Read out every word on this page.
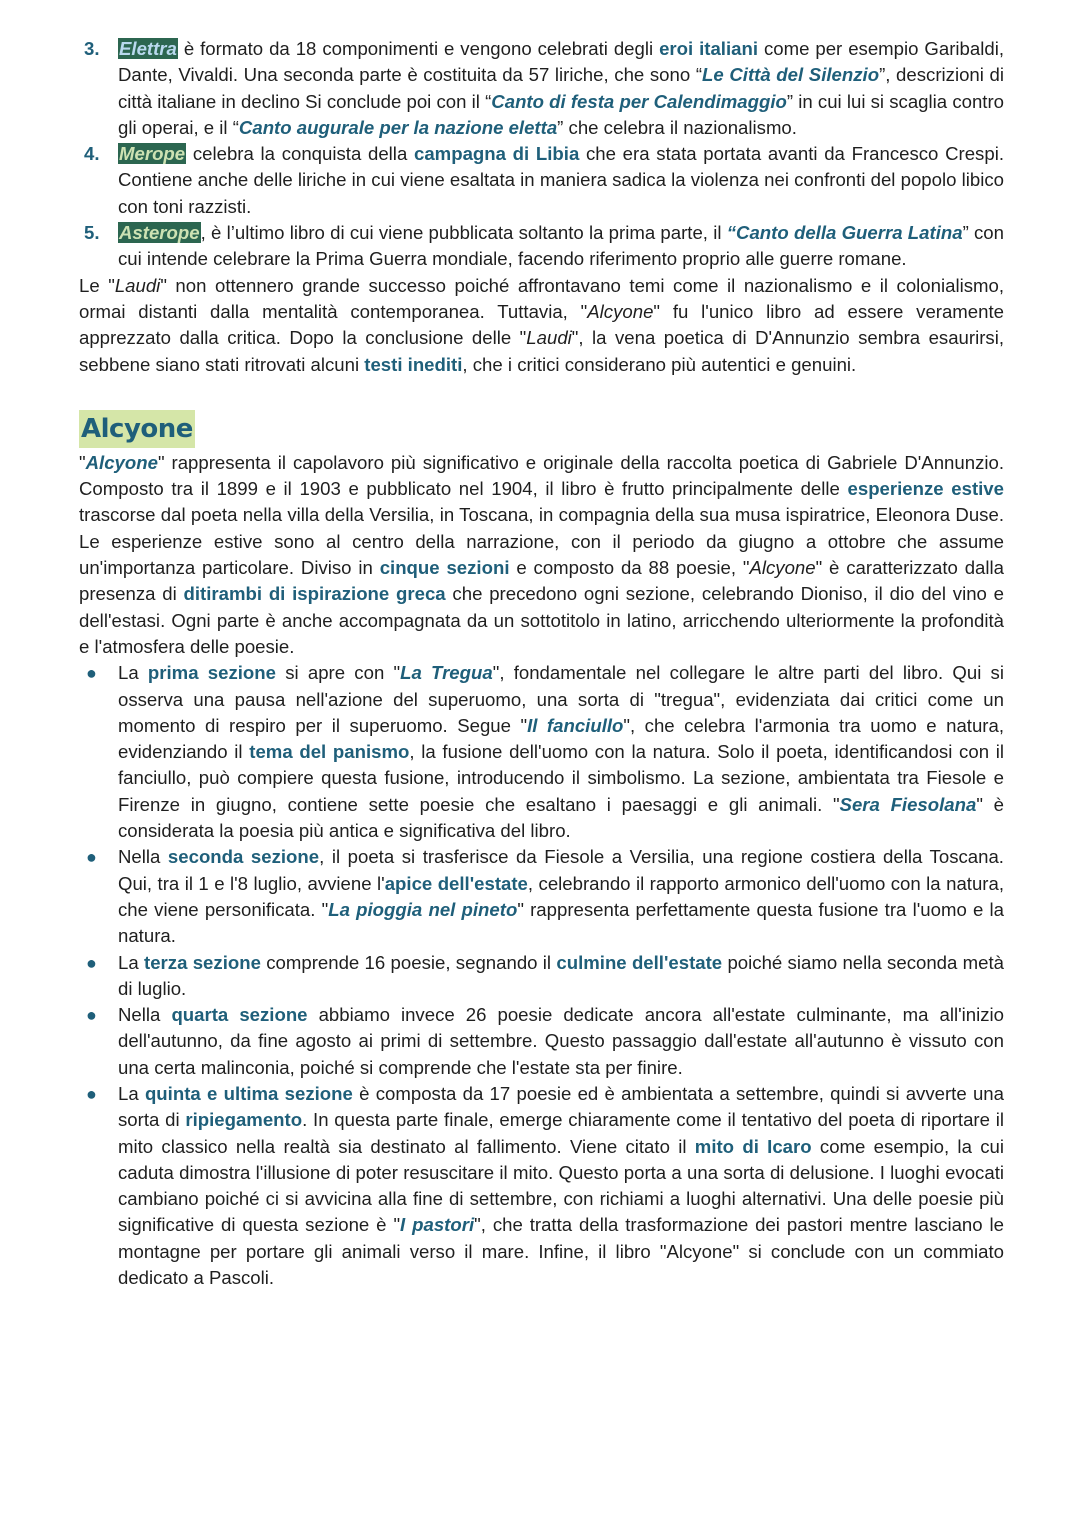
3. Elettra è formato da 18 componimenti e vengono celebrati degli eroi italiani come per esempio Garibaldi, Dante, Vivaldi. Una seconda parte è costituita da 57 liriche, che sono “Le Città del Silenzio”, descrizioni di città italiane in declino Si conclude poi con il “Canto di festa per Calendimaggio” in cui lui si scaglia contro gli operai, e il “Canto augurale per la nazione eletta” che celebra il nazionalismo.
4. Merope celebra la conquista della campagna di Libia che era stata portata avanti da Francesco Crespi. Contiene anche delle liriche in cui viene esaltata in maniera sadica la violenza nei confronti del popolo libico con toni razzisti.
5. Asterope, è l’ultimo libro di cui viene pubblicata soltanto la prima parte, il “Canto della Guerra Latina” con cui intende celebrare la Prima Guerra mondiale, facendo riferimento proprio alle guerre romane.

Le "Laudi" non ottennero grande successo poiché affrontavano temi come il nazionalismo e il colonialismo, ormai distanti dalla mentalità contemporanea. Tuttavia, "Alcyone" fu l'unico libro ad essere veramente apprezzato dalla critica. Dopo la conclusione delle "Laudi", la vena poetica di D'Annunzio sembra esaurirsi, sebbene siano stati ritrovati alcuni testi inediti, che i critici considerano più autentici e genuini.

Alcyone

"Alcyone" rappresenta il capolavoro più significativo e originale della raccolta poetica di Gabriele D'Annunzio. Composto tra il 1899 e il 1903 e pubblicato nel 1904, il libro è frutto principalmente delle esperienze estive trascorse dal poeta nella villa della Versilia, in Toscana, in compagnia della sua musa ispiratrice, Eleonora Duse. Le esperienze estive sono al centro della narrazione, con il periodo da giugno a ottobre che assume un'importanza particolare. Diviso in cinque sezioni e composto da 88 poesie, "Alcyone" è caratterizzato dalla presenza di ditirambi di ispirazione greca che precedono ogni sezione, celebrando Dioniso, il dio del vino e dell'estasi. Ogni parte è anche accompagnata da un sottotitolo in latino, arricchendo ulteriormente la profondità e l'atmosfera delle poesie.

● La prima sezione si apre con "La Tregua", fondamentale nel collegare le altre parti del libro. Qui si osserva una pausa nell'azione del superuomo, una sorta di "tregua", evidenziata dai critici come un momento di respiro per il superuomo. Segue "Il fanciullo", che celebra l'armonia tra uomo e natura, evidenziando il tema del panismo, la fusione dell'uomo con la natura. Solo il poeta, identificandosi con il fanciullo, può compiere questa fusione, introducendo il simbolismo. La sezione, ambientata tra Fiesole e Firenze in giugno, contiene sette poesie che esaltano i paesaggi e gli animali. "Sera Fiesolana" è considerata la poesia più antica e significativa del libro.
● Nella seconda sezione, il poeta si trasferisce da Fiesole a Versilia, una regione costiera della Toscana. Qui, tra il 1 e l'8 luglio, avviene l'apice dell'estate, celebrando il rapporto armonico dell'uomo con la natura, che viene personificata. "La pioggia nel pineto" rappresenta perfettamente questa fusione tra l'uomo e la natura.
● La terza sezione comprende 16 poesie, segnando il culmine dell'estate poiché siamo nella seconda metà di luglio.
● Nella quarta sezione abbiamo invece 26 poesie dedicate ancora all'estate culminante, ma all'inizio dell'autunno, da fine agosto ai primi di settembre. Questo passaggio dall'estate all'autunno è vissuto con una certa malinconia, poiché si comprende che l'estate sta per finire.
● La quinta e ultima sezione è composta da 17 poesie ed è ambientata a settembre, quindi si avverte una sorta di ripiegamento. In questa parte finale, emerge chiaramente come il tentativo del poeta di riportare il mito classico nella realtà sia destinato al fallimento. Viene citato il mito di Icaro come esempio, la cui caduta dimostra l'illusione di poter resuscitare il mito. Questo porta a una sorta di delusione. I luoghi evocati cambiano poiché ci si avvicina alla fine di settembre, con richiami a luoghi alternativi. Una delle poesie più significative di questa sezione è "I pastori", che tratta della trasformazione dei pastori mentre lasciano le montagne per portare gli animali verso il mare. Infine, il libro "Alcyone" si conclude con un commiato dedicato a Pascoli.
